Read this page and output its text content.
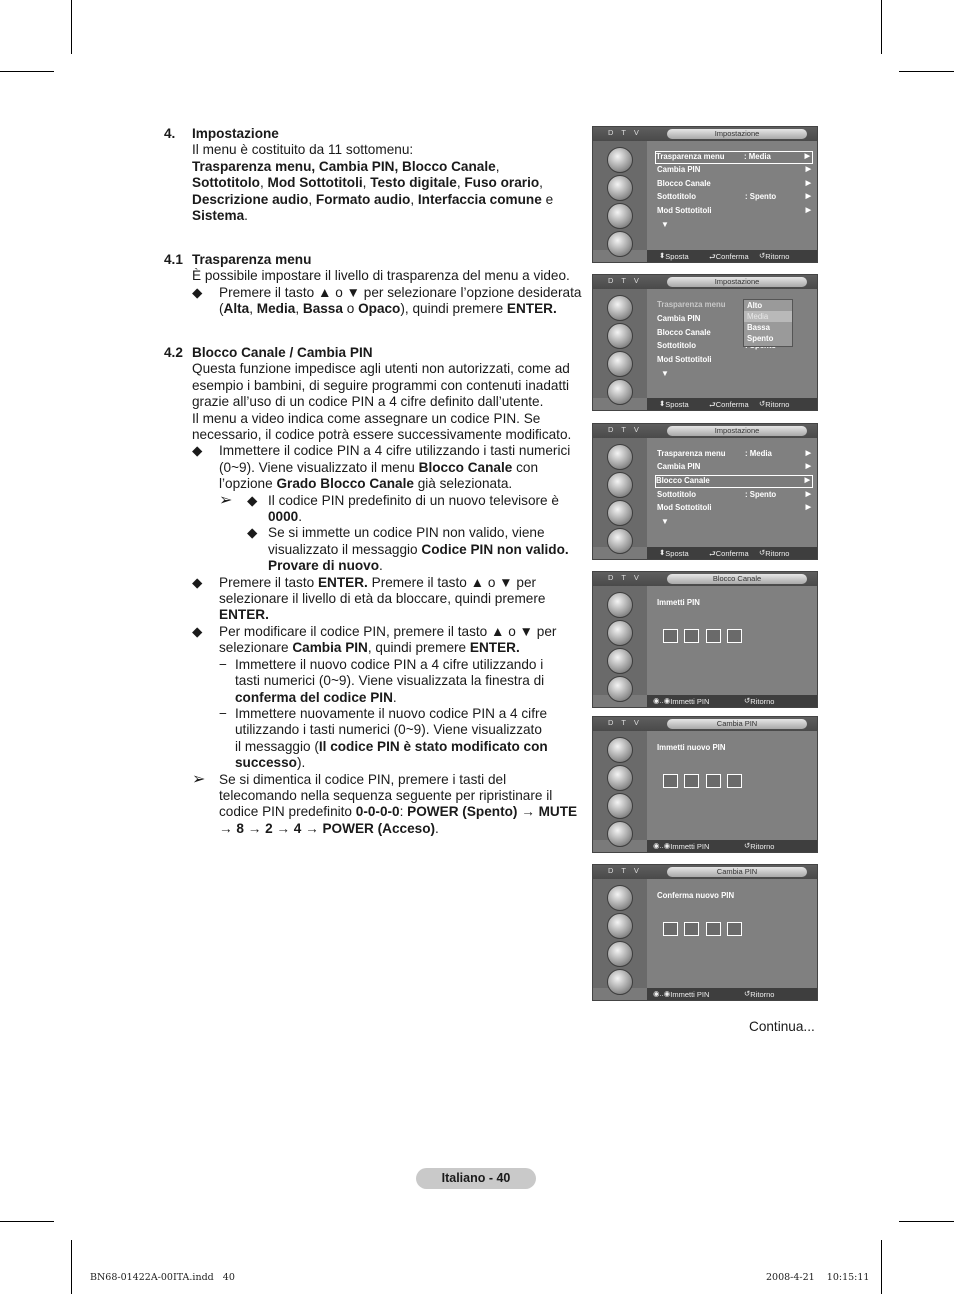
4. Impostazione
Il menu è costituito da 11 sottomenu:
Trasparenza menu, Cambia PIN, Blocco Canale,
Sottotitolo, Mod Sottotitoli, Testo digitale, Fuso orario,
Descrizione audio, Formato audio, Interfaccia comune e
Sistema.
4.1 Trasparenza menu
È possibile impostare il livello di trasparenza del menu a video.
◆ Premere il tasto ▲ o ▼ per selezionare l’opzione desiderata
(Alta, Media, Bassa o Opaco), quindi premere ENTER.
4.2 Blocco Canale / Cambia PIN
Questa funzione impedisce agli utenti non autorizzati, come ad
esempio i bambini, di seguire programmi con contenuti inadatti
grazie all’uso di un codice PIN a 4 cifre definito dall’utente.
Il menu a video indica come assegnare un codice PIN. Se
necessario, il codice potrà essere successivamente modificato.
◆ Immettere il codice PIN a 4 cifre utilizzando i tasti numerici
(0~9). Viene visualizzato il menu Blocco Canale con
l’opzione Grado Blocco Canale già selezionata.
➢ ◆ Il codice PIN predefinito di un nuovo televisore è
0000.
◆ Se si immette un codice PIN non valido, viene
visualizzato il messaggio Codice PIN non valido.
Provare di nuovo.
◆ Premere il tasto ENTER. Premere il tasto ▲ o ▼ per
selezionare il livello di età da bloccare, quindi premere
ENTER.
◆ Per modificare il codice PIN, premere il tasto ▲ o ▼ per
selezionare Cambia PIN, quindi premere ENTER.
− Immettere il nuovo codice PIN a 4 cifre utilizzando i
tasti numerici (0~9). Viene visualizzata la finestra di
conferma del codice PIN.
− Immettere nuovamente il nuovo codice PIN a 4 cifre
utilizzando i tasti numerici (0~9). Viene visualizzato
il messaggio (Il codice PIN è stato modificato con
successo).
➢ Se si dimentica il codice PIN, premere i tasti del
telecomando nella sequenza seguente per ripristinare il
codice PIN predefinito 0-0-0-0: POWER (Spento) → MUTE
→ 8 → 2 → 4 → POWER (Acceso).
D T V	Impostazione
Trasparenza menu	: Media	▶
Cambia PIN	▶
Blocco Canale	▶
Sottotitolo	: Spento	▶
Mod Sottotitoli	▶
▼
⬍ Sposta	⮐ Conferma ↺ Ritorno
D T V	Impostazione
Trasparenza menu
Cambia PIN
Blocco Canale
Sottotitolo
Mod Sottotitoli
▼
Alto
Media
Bassa
Spento
⬍ Sposta	⮐ Conferma ↺ Ritorno
D T V	Impostazione
Trasparenza menu	: Media	▶
Cambia PIN	▶
Blocco Canale	▶
Sottotitolo	: Spento	▶
Mod Sottotitoli	▶
▼
⬍ Sposta	⮐ Conferma ↺ Ritorno
D T V	Blocco Canale
Immetti PIN
◉..◉ Immetti PIN	↺ Ritorno
D T V	Cambia PIN
Immetti nuovo PIN
◉..◉ Immetti PIN	↺ Ritorno
D T V	Cambia PIN
Conferma nuovo PIN
◉..◉ Immetti PIN	↺ Ritorno
Continua...
Italiano - 40
BN68-01422A-00ITA.indd   40	2008-4-21    10:15:11
